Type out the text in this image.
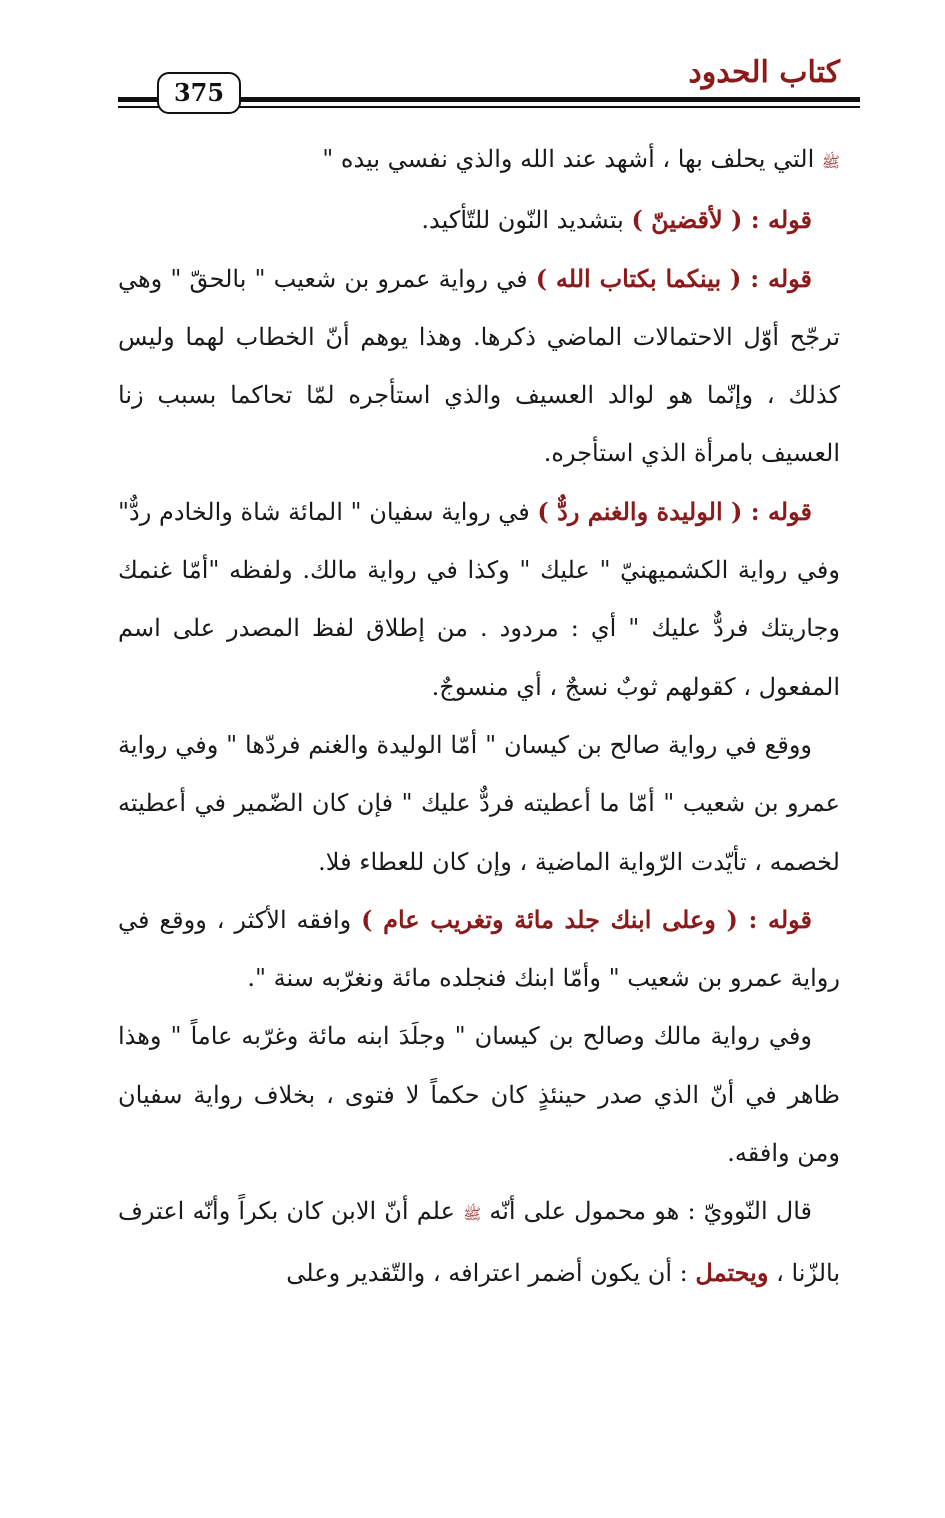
كتاب الحدود
375

ﷺ التي يحلف بها ، أشهد عند الله والذي نفسي بيده "

قوله : ( لأقضينّ ) بتشديد النّون للتّأكيد.

قوله : ( بينكما بكتاب الله ) في رواية عمرو بن شعيب " بالحقّ " وهي ترجّح أوّل الاحتمالات الماضي ذكرها. وهذا يوهم أنّ الخطاب لهما وليس كذلك ، وإنّما هو لوالد العسيف والذي استأجره لمّا تحاكما بسبب زنا العسيف بامرأة الذي استأجره.

قوله : ( الوليدة والغنم ردٌّ ) في رواية سفيان " المائة شاة والخادم ردٌّ" وفي رواية الكشميهنيّ " عليك " وكذا في رواية مالك. ولفظه "أمّا غنمك وجاريتك فردٌّ عليك " أي : مردود . من إطلاق لفظ المصدر على اسم المفعول ، كقولهم ثوبٌ نسجٌ ، أي منسوجٌ.

ووقع في رواية صالح بن كيسان " أمّا الوليدة والغنم فردّها " وفي رواية عمرو بن شعيب " أمّا ما أعطيته فردٌّ عليك " فإن كان الضّمير في أعطيته لخصمه ، تأيّدت الرّواية الماضية ، وإن كان للعطاء فلا.

قوله : ( وعلى ابنك جلد مائة وتغريب عام ) وافقه الأكثر ، ووقع في رواية عمرو بن شعيب " وأمّا ابنك فنجلده مائة ونغرّبه سنة ".

وفي رواية مالك وصالح بن كيسان " وجلَدَ ابنه مائة وغرّبه عاماً " وهذا ظاهر في أنّ الذي صدر حينئذٍ كان حكماً لا فتوى ، بخلاف رواية سفيان ومن وافقه.

قال النّوويّ : هو محمول على أنّه ﷺ علم أنّ الابن كان بكراً وأنّه اعترف بالزّنا ، ويحتمل : أن يكون أضمر اعترافه ، والتّقدير وعلى
